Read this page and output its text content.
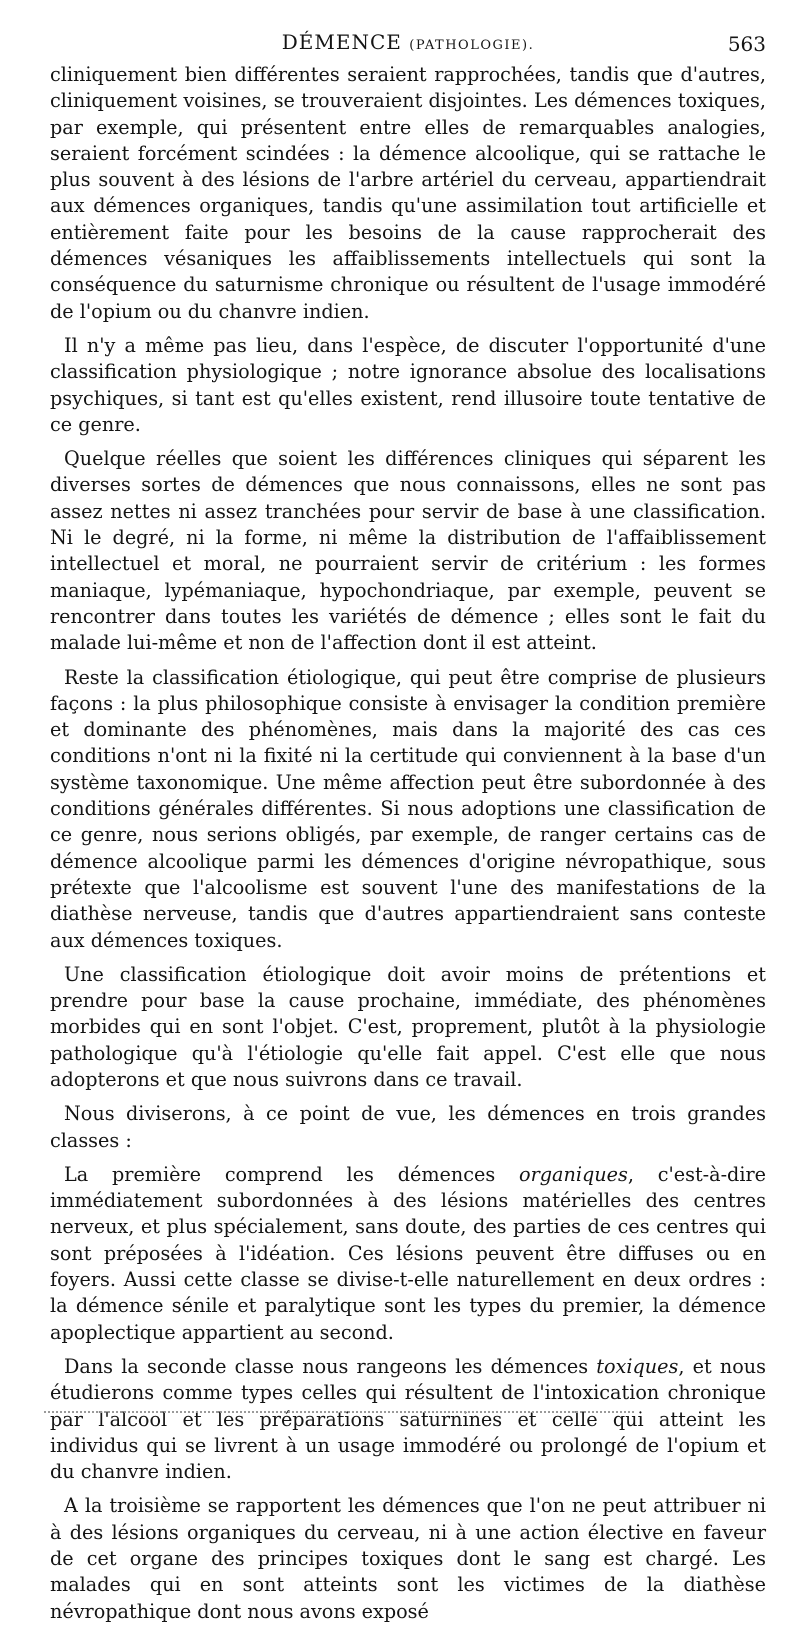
DÉMENCE (PATHOLOGIE).	563

cliniquement bien différentes seraient rapprochées, tandis que d'autres, cliniquement voisines, se trouveraient disjointes. Les démences toxiques, par exemple, qui présentent entre elles de remarquables analogies, seraient forcément scindées : la démence alcoolique, qui se rattache le plus souvent à des lésions de l'arbre artériel du cerveau, appartiendrait aux démences organiques, tandis qu'une assimilation tout artificielle et entièrement faite pour les besoins de la cause rapprocherait des démences vésaniques les affaiblissements intellectuels qui sont la conséquence du saturnisme chronique ou résultent de l'usage immodéré de l'opium ou du chanvre indien.

Il n'y a même pas lieu, dans l'espèce, de discuter l'opportunité d'une classification physiologique ; notre ignorance absolue des localisations psychiques, si tant est qu'elles existent, rend illusoire toute tentative de ce genre.

Quelque réelles que soient les différences cliniques qui séparent les diverses sortes de démences que nous connaissons, elles ne sont pas assez nettes ni assez tranchées pour servir de base à une classification. Ni le degré, ni la forme, ni même la distribution de l'affaiblissement intellectuel et moral, ne pourraient servir de critérium : les formes maniaque, lypémaniaque, hypochondriaque, par exemple, peuvent se rencontrer dans toutes les variétés de démence ; elles sont le fait du malade lui-même et non de l'affection dont il est atteint.

Reste la classification étiologique, qui peut être comprise de plusieurs façons : la plus philosophique consiste à envisager la condition première et dominante des phénomènes, mais dans la majorité des cas ces conditions n'ont ni la fixité ni la certitude qui conviennent à la base d'un système taxonomique. Une même affection peut être subordonnée à des conditions générales différentes. Si nous adoptions une classification de ce genre, nous serions obligés, par exemple, de ranger certains cas de démence alcoolique parmi les démences d'origine névropathique, sous prétexte que l'alcoolisme est souvent l'une des manifestations de la diathèse nerveuse, tandis que d'autres appartiendraient sans conteste aux démences toxiques.

Une classification étiologique doit avoir moins de prétentions et prendre pour base la cause prochaine, immédiate, des phénomènes morbides qui en sont l'objet. C'est, proprement, plutôt à la physiologie pathologique qu'à l'étiologie qu'elle fait appel. C'est elle que nous adopterons et que nous suivrons dans ce travail.

Nous diviserons, à ce point de vue, les démences en trois grandes classes :

La première comprend les démences organiques, c'est-à-dire immédiatement subordonnées à des lésions matérielles des centres nerveux, et plus spécialement, sans doute, des parties de ces centres qui sont préposées à l'idéation. Ces lésions peuvent être diffuses ou en foyers. Aussi cette classe se divise-t-elle naturellement en deux ordres : la démence sénile et paralytique sont les types du premier, la démence apoplectique appartient au second.

Dans la seconde classe nous rangeons les démences toxiques, et nous étudierons comme types celles qui résultent de l'intoxication chronique par l'alcool et les préparations saturnines et celle qui atteint les individus qui se livrent à un usage immodéré ou prolongé de l'opium et du chanvre indien.

A la troisième se rapportent les démences que l'on ne peut attribuer ni à des lésions organiques du cerveau, ni à une action élective en faveur de cet organe des principes toxiques dont le sang est chargé. Les malades qui en sont atteints sont les victimes de la diathèse névropathique dont nous avons exposé
